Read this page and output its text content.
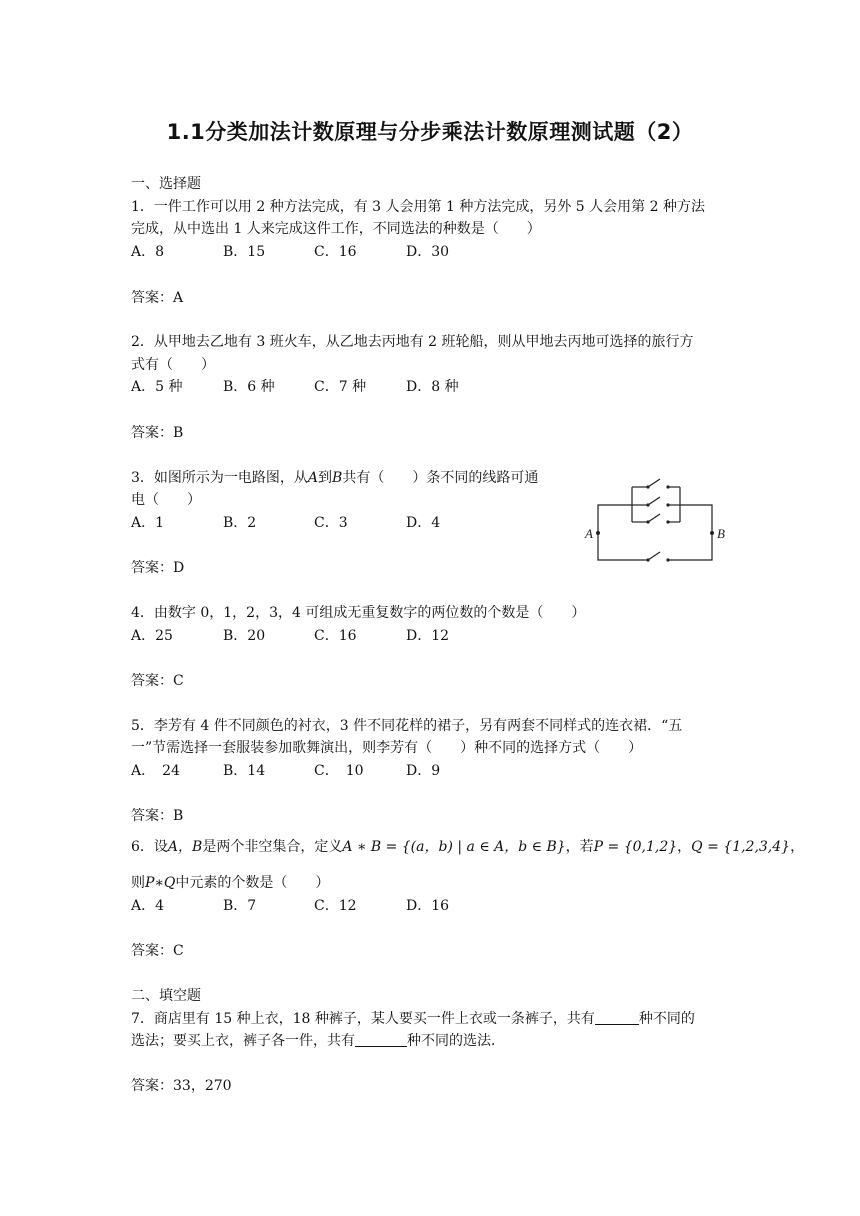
1.1分类加法计数原理与分步乘法计数原理测试题（2）
一、选择题
1．一件工作可以用 2 种方法完成，有 3 人会用第 1 种方法完成，另外 5 人会用第 2 种方法
完成，从中选出 1 人来完成这件工作，不同选法的种数是（　　）
A．8	B．15	C．16	D．30
答案：A
2．从甲地去乙地有 3 班火车，从乙地去丙地有 2 班轮船，则从甲地去丙地可选择的旅行方
式有（　　）
A．5 种	B．6 种	C．7 种	D．8 种
答案：B
3．如图所示为一电路图，从A到B共有（　　）条不同的线路可通
电（　　）
A．1	B．2	C．3	D．4
答案：D
A	B
4．由数字 0，1，2，3，4 可组成无重复数字的两位数的个数是（　　）
A．25	B．20	C．16	D．12
答案：C
5．李芳有 4 件不同颜色的衬衣，3 件不同花样的裙子，另有两套不同样式的连衣裙．“五
一”节需选择一套服装参加歌舞演出，则李芳有（　　）种不同的选择方式（　　）
A．　24	B．14	C．　10	D．9
答案：B
6．设A，B是两个非空集合，定义A ∗ B = {(a，b) | a ∈ A，b ∈ B}，若P = {0,1,2}，Q = {1,2,3,4}，
则P∗Q中元素的个数是（　　）
A．4	B．7	C．12	D．16
答案：C
二、填空题
7．商店里有 15 种上衣，18 种裤子，某人要买一件上衣或一条裤子，共有	种不同的
选法；要买上衣，裤子各一件，共有	种不同的选法．
答案：33，270
